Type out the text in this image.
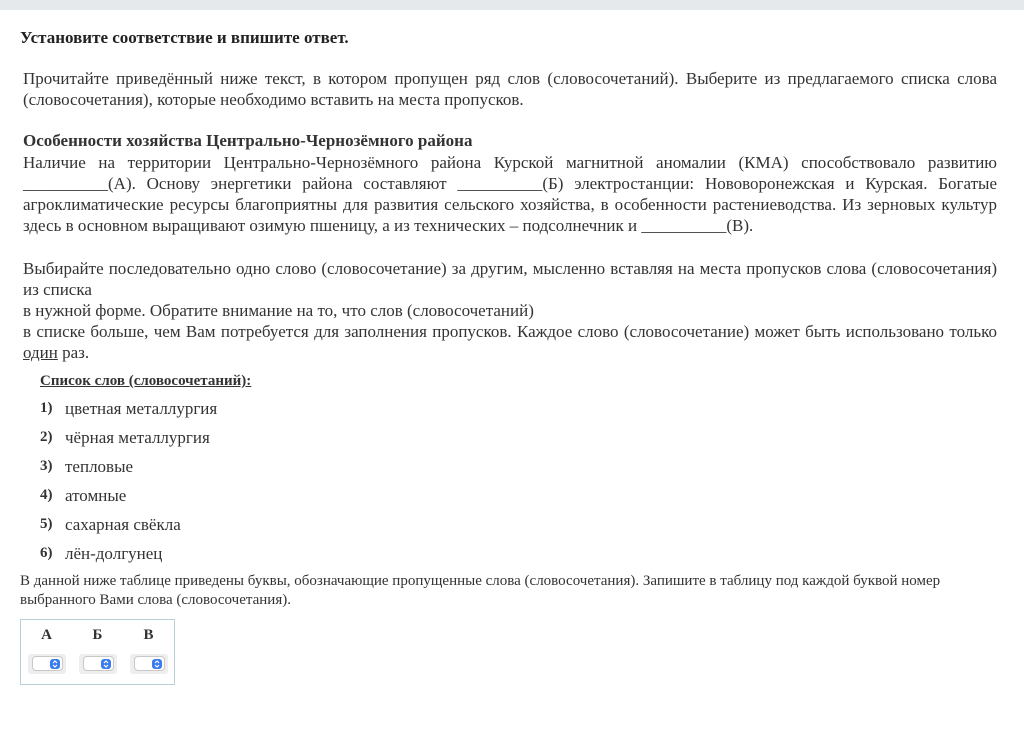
Установите соответствие и впишите ответ.

Прочитайте приведённый ниже текст, в котором пропущен ряд слов (словосочетаний). Выберите из предлагаемого списка слова (словосочетания), которые необходимо вставить на места пропусков.

Особенности хозяйства Центрально-Чернозёмного района

Наличие на территории Центрально-Чернозёмного района Курской магнитной аномалии (КМА) способствовало развитию __________(А). Основу энергетики района составляют __________(Б) электростанции: Нововоронежская и Курская. Богатые агроклиматические ресурсы благоприятны для развития сельского хозяйства, в особенности растениеводства. Из зерновых культур здесь в основном выращивают озимую пшеницу, а из технических – подсолнечник и __________(В).

Выбирайте последовательно одно слово (словосочетание) за другим, мысленно вставляя на места пропусков слова (словосочетания) из списка
в нужной форме. Обратите внимание на то, что слов (словосочетаний)
в списке больше, чем Вам потребуется для заполнения пропусков. Каждое слово (словосочетание) может быть использовано только один раз.

Список слов (словосочетаний):
1) цветная металлургия
2) чёрная металлургия
3) тепловые
4) атомные
5) сахарная свёкла
6) лён-долгунец

В данной ниже таблице приведены буквы, обозначающие пропущенные слова (словосочетания). Запишите в таблицу под каждой буквой номер выбранного Вами слова (словосочетания).

А	Б	В
